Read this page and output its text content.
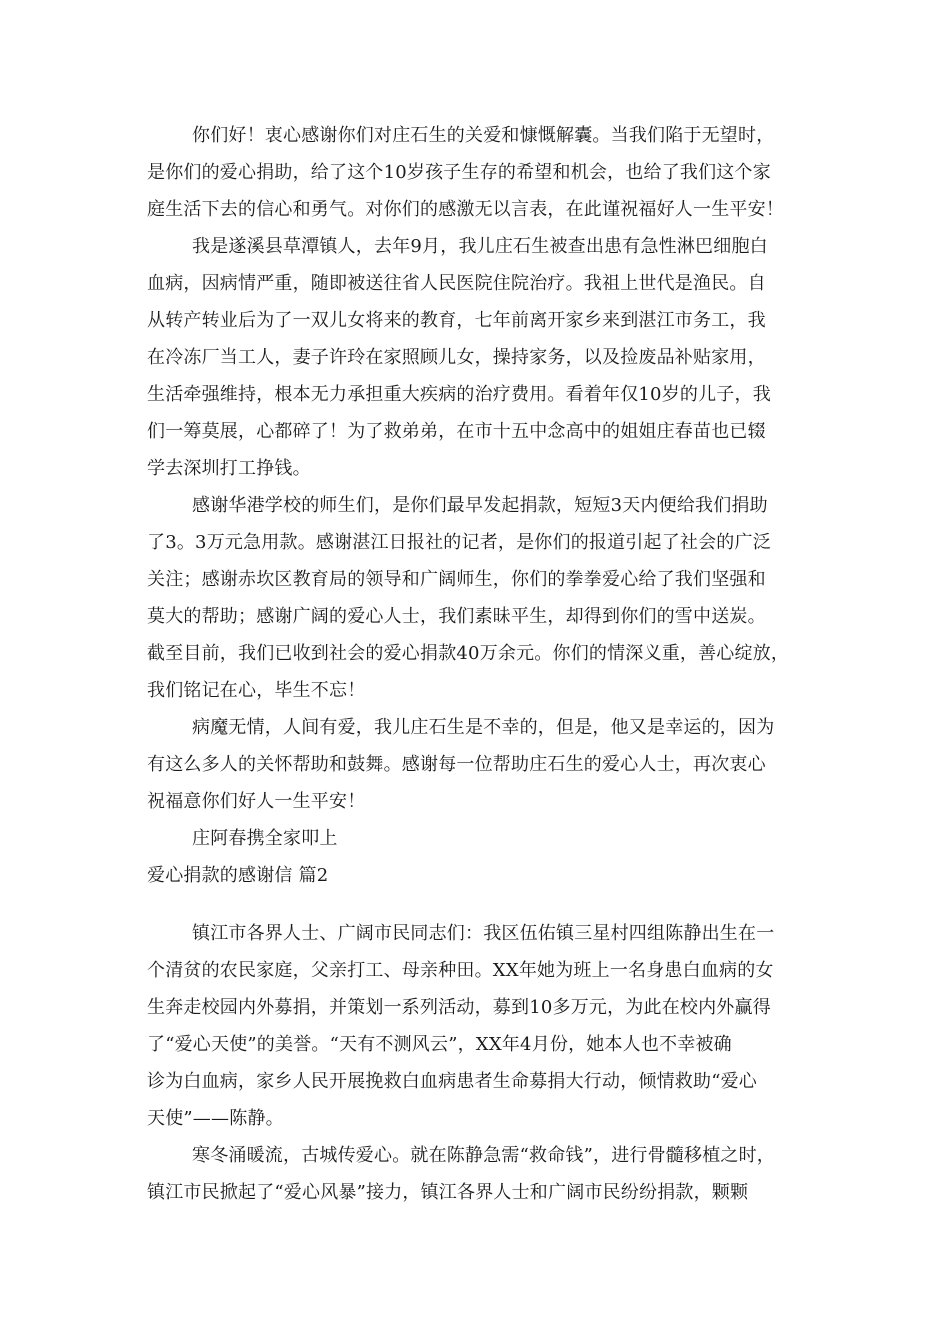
你们好！衷心感谢你们对庄石生的关爱和慷慨解囊。当我们陷于无望时，
是你们的爱心捐助，给了这个10岁孩子生存的希望和机会，也给了我们这个家
庭生活下去的信心和勇气。对你们的感激无以言表，在此谨祝福好人一生平安！
我是遂溪县草潭镇人，去年9月，我儿庄石生被查出患有急性淋巴细胞白
血病，因病情严重，随即被送往省人民医院住院治疗。我祖上世代是渔民。自
从转产转业后为了一双儿女将来的教育，七年前离开家乡来到湛江市务工，我
在冷冻厂当工人，妻子许玲在家照顾儿女，操持家务，以及捡废品补贴家用，
生活牵强维持，根本无力承担重大疾病的治疗费用。看着年仅10岁的儿子，我
们一筹莫展，心都碎了！为了救弟弟，在市十五中念高中的姐姐庄春苗也已辍
学去深圳打工挣钱。
感谢华港学校的师生们，是你们最早发起捐款，短短3天内便给我们捐助
了3。3万元急用款。感谢湛江日报社的记者，是你们的报道引起了社会的广泛
关注；感谢赤坎区教育局的领导和广阔师生，你们的拳拳爱心给了我们坚强和
莫大的帮助；感谢广阔的爱心人士，我们素昧平生，却得到你们的雪中送炭。
截至目前，我们已收到社会的爱心捐款40万余元。你们的情深义重，善心绽放，
我们铭记在心，毕生不忘！
病魔无情，人间有爱，我儿庄石生是不幸的，但是，他又是幸运的，因为
有这么多人的关怀帮助和鼓舞。感谢每一位帮助庄石生的爱心人士，再次衷心
祝福意你们好人一生平安！
庄阿春携全家叩上
爱心捐款的感谢信 篇2
镇江市各界人士、广阔市民同志们：我区伍佑镇三星村四组陈静出生在一
个清贫的农民家庭，父亲打工、母亲种田。XX年她为班上一名身患白血病的女
生奔走校园内外募捐，并策划一系列活动，募到10多万元，为此在校内外赢得
了“爱心天使”的美誉。“天有不测风云”，XX年4月份，她本人也不幸被确
诊为白血病，家乡人民开展挽救白血病患者生命募捐大行动，倾情救助“爱心
天使”——陈静。
寒冬涌暖流，古城传爱心。就在陈静急需“救命钱”，进行骨髓移植之时，
镇江市民掀起了“爱心风暴”接力，镇江各界人士和广阔市民纷纷捐款，颗颗
